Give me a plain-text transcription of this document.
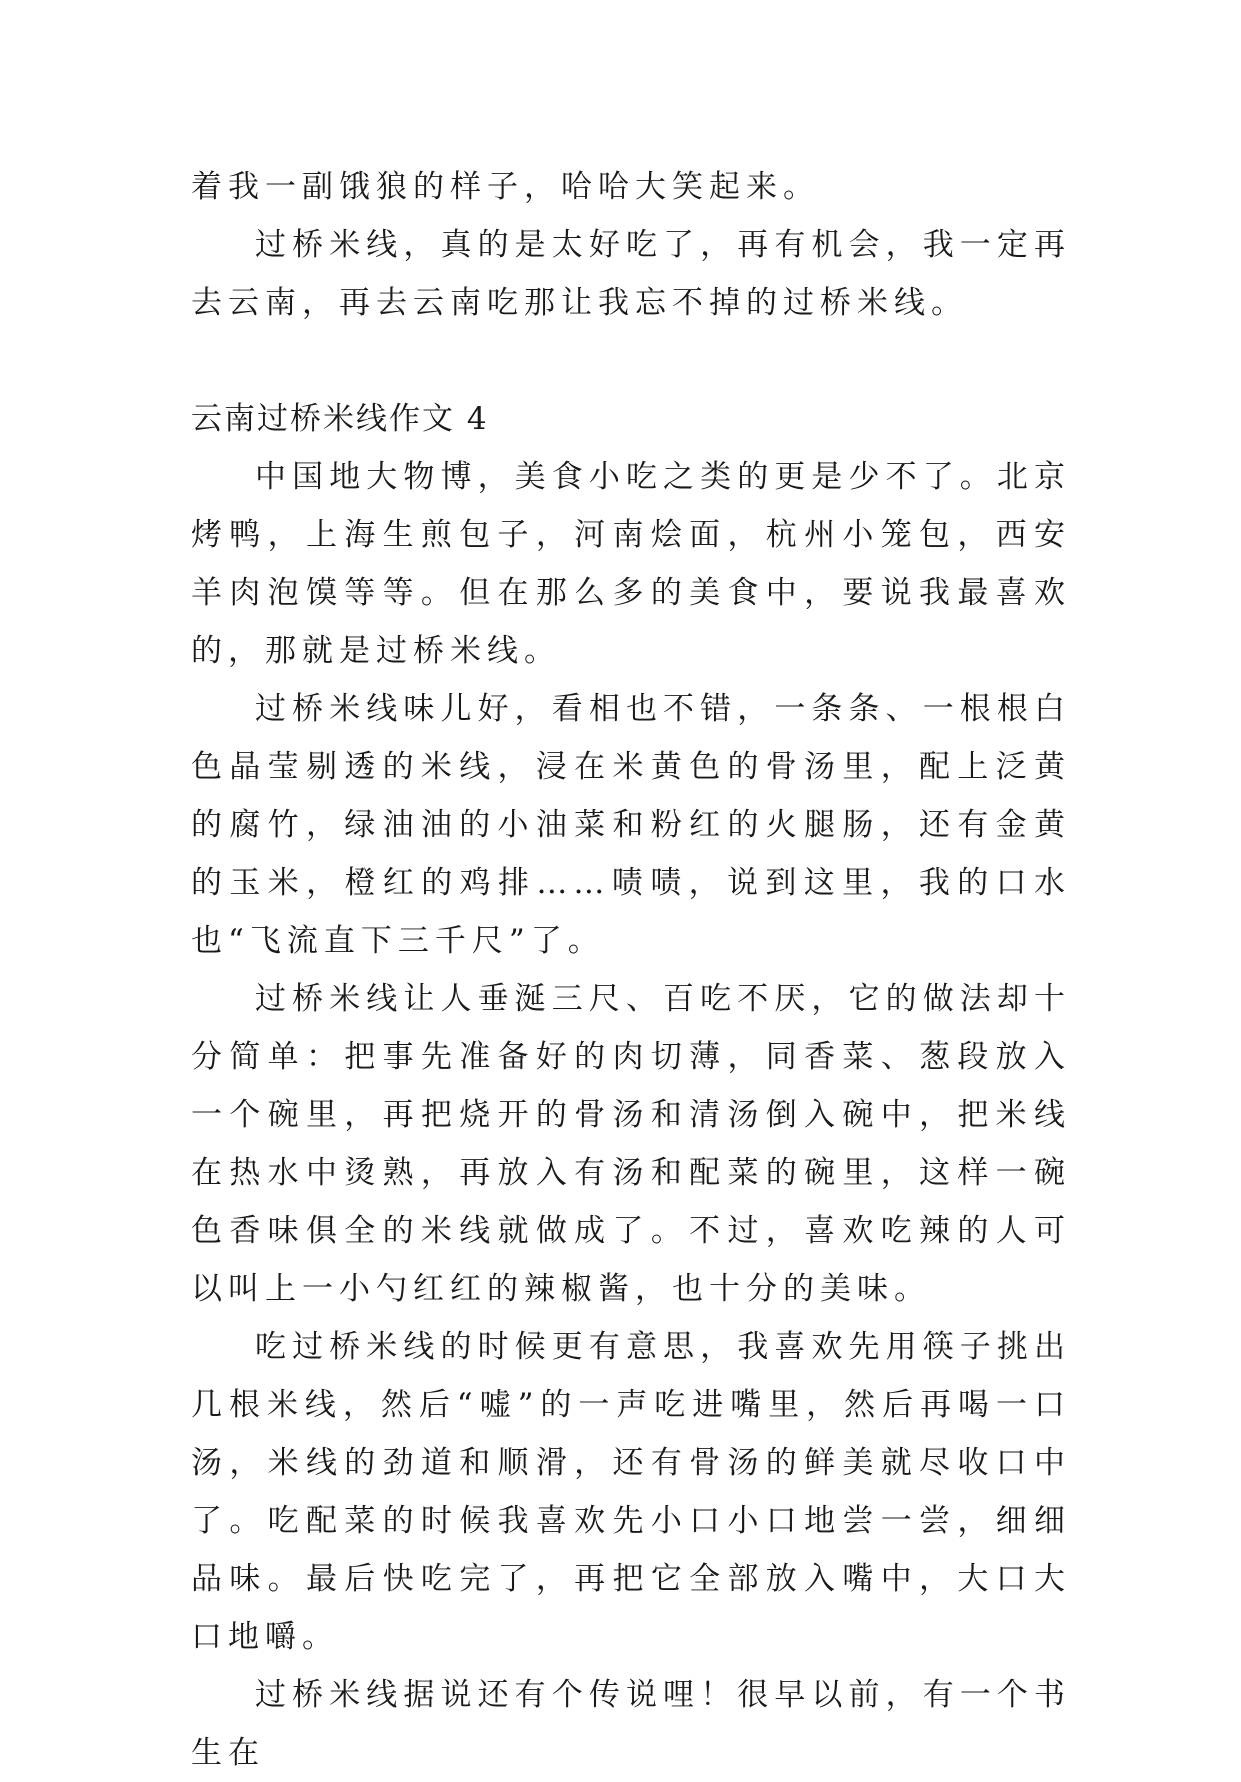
着我一副饿狼的样子，哈哈大笑起来。

过桥米线，真的是太好吃了，再有机会，我一定再去云南，再去云南吃那让我忘不掉的过桥米线。

云南过桥米线作文 4

中国地大物博，美食小吃之类的更是少不了。北京烤鸭，上海生煎包子，河南烩面，杭州小笼包，西安羊肉泡馍等等。但在那么多的美食中，要说我最喜欢的，那就是过桥米线。

过桥米线味儿好，看相也不错，一条条、一根根白色晶莹剔透的米线，浸在米黄色的骨汤里，配上泛黄的腐竹，绿油油的小油菜和粉红的火腿肠，还有金黄的玉米，橙红的鸡排……啧啧，说到这里，我的口水也“飞流直下三千尺”了。

过桥米线让人垂涎三尺、百吃不厌，它的做法却十分简单：把事先准备好的肉切薄，同香菜、葱段放入一个碗里，再把烧开的骨汤和清汤倒入碗中，把米线在热水中烫熟，再放入有汤和配菜的碗里，这样一碗色香味俱全的米线就做成了。不过，喜欢吃辣的人可以叫上一小勺红红的辣椒酱，也十分的美味。

吃过桥米线的时候更有意思，我喜欢先用筷子挑出几根米线，然后“嘘”的一声吃进嘴里，然后再喝一口汤，米线的劲道和顺滑，还有骨汤的鲜美就尽收口中了。吃配菜的时候我喜欢先小口小口地尝一尝，细细品味。最后快吃完了，再把它全部放入嘴中，大口大口地嚼。

过桥米线据说还有个传说哩！很早以前，有一个书生在
